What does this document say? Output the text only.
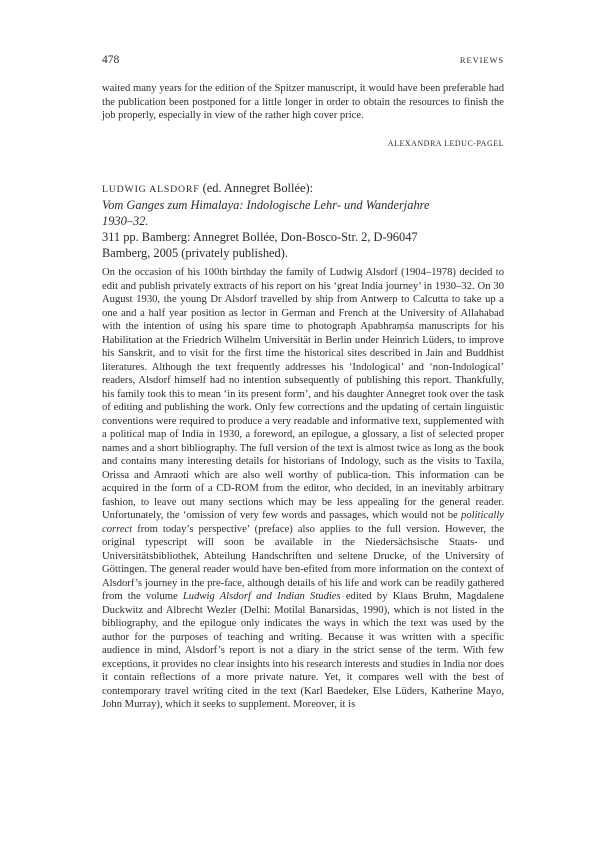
478	REVIEWS

waited many years for the edition of the Spitzer manuscript, it would have been preferable had the publication been postponed for a little longer in order to obtain the resources to finish the job properly, especially in view of the rather high cover price.

ALEXANDRA LEDUC-PAGEL
LUDWIG ALSDORF (ed. Annegret Bollée):
Vom Ganges zum Himalaya: Indologische Lehr- und Wanderjahre
1930–32.
311 pp. Bamberg: Annegret Bollée, Don-Bosco-Str. 2, D-96047
Bamberg, 2005 (privately published).

On the occasion of his 100th birthday the family of Ludwig Alsdorf (1904–1978) decided to edit and publish privately extracts of his report on his ‘great India journey’ in 1930–32. On 30 August 1930, the young Dr Alsdorf travelled by ship from Antwerp to Calcutta to take up a one and a half year position as lector in German and French at the University of Allahabad with the intention of using his spare time to photograph Apabhraṃśa manuscripts for his Habilitation at the Friedrich Wilhelm Universität in Berlin under Heinrich Lüders, to improve his Sanskrit, and to visit for the first time the historical sites described in Jain and Buddhist literatures. Although the text frequently addresses his ‘Indological’ and ‘non-Indological’ readers, Alsdorf himself had no intention subsequently of publishing this report. Thankfully, his family took this to mean ‘in its present form’, and his daughter Annegret took over the task of editing and publishing the work. Only few corrections and the updating of certain linguistic conventions were required to produce a very readable and informative text, supplemented with a political map of India in 1930, a foreword, an epilogue, a glossary, a list of selected proper names and a short bibliography. The full version of the text is almost twice as long as the book and contains many interesting details for historians of Indology, such as the visits to Taxila, Orissa and Amraoti which are also well worthy of publica-tion. This information can be acquired in the form of a CD-ROM from the editor, who decided, in an inevitably arbitrary fashion, to leave out many sections which may be less appealing for the general reader. Unfortunately, the ‘omission of very few words and passages, which would not be politically correct from today’s perspective’ (preface) also applies to the full version. However, the original typescript will soon be available in the Niedersächsische Staats- und Universitätsbibliothek, Abteilung Handschriften und seltene Drucke, of the University of Göttingen. The general reader would have ben-efited from more information on the context of Alsdorf’s journey in the pre-face, although details of his life and work can be readily gathered from the volume Ludwig Alsdorf and Indian Studies edited by Klaus Bruhn, Magdalene Duckwitz and Albrecht Wezler (Delhi: Motilal Banarsidas, 1990), which is not listed in the bibliography, and the epilogue only indicates the ways in which the text was used by the author for the purposes of teaching and writing. Because it was written with a specific audience in mind, Alsdorf’s report is not a diary in the strict sense of the term. With few exceptions, it provides no clear insights into his research interests and studies in India nor does it contain reflections of a more private nature. Yet, it compares well with the best of contemporary travel writing cited in the text (Karl Baedeker, Else Lüders, Katherine Mayo, John Murray), which it seeks to supplement. Moreover, it is
